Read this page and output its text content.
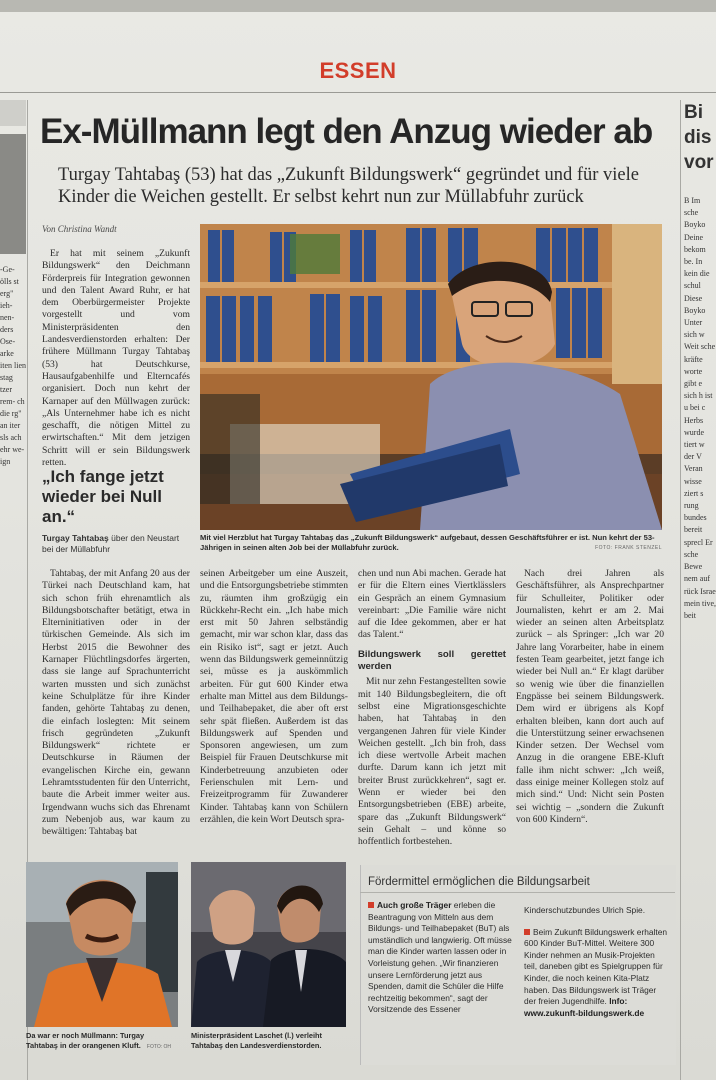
ESSEN
-Ge- ölls st erg" ieh- nen- ders Ose- arke iten lien stag tzer rem- ch die rg" an iter sls ach ehr we- ign
Bi dis vor
B Im sche Boyko Deine bekom be. In kein die schul Diese Boyko Unter sich w Weit sche kräfte worte gibt e sich h ist u bei c Herbs wurde tiert w der V Veran wisse ziert s rung bundes bereit sprecl Er sche Bewe nem auf rück Israe mein tive, beit
Ex-Müllmann legt den Anzug wieder ab
Turgay Tahtabaş (53) hat das „Zukunft Bildungswerk“ gegründet und für viele Kinder die Weichen gestellt. Er selbst kehrt nun zur Müllabfuhr zurück
Von Christina Wandt

Er hat mit seinem „Zukunft Bildungswerk“ den Deichmann Förderpreis für Integration gewonnen und den Talent Award Ruhr, er hat dem Oberbürgermeister Projekte vorgestellt und vom Ministerpräsidenten den Landesverdienstorden erhalten: Der frühere Müllmann Turgay Tahtabaş (53) hat Deutschkurse, Hausaufgabenhilfe und Elterncafés organisiert. Doch nun kehrt der Karnaper auf den Müllwagen zurück: „Als Unternehmer habe ich es nicht geschafft, die nötigen Mittel zu erwirtschaften.“ Mit dem jetzigen Schritt will er sein Bildungswerk retten.

„Ich fange jetzt wieder bei Null an.“
Turgay Tahtabaş über den Neustart bei der Müllabfuhr
Mit viel Herzblut hat Turgay Tahtabaş das „Zukunft Bildungswerk“ aufgebaut, dessen Geschäftsführer er ist. Nun kehrt der 53-Jährigen in seinen alten Job bei der Müllabfuhr zurück.	FOTO: FRANK STENZEL

Tahtabaş, der mit Anfang 20 aus der Türkei nach Deutschland kam, hat sich schon früh ehrenamtlich als Bildungsbotschafter betätigt, etwa in Elterninitiativen oder in der türkischen Gemeinde. Als sich im Herbst 2015 die Bewohner des Karnaper Flüchtlingsdorfes ärgerten, dass sie lange auf Sprachunterricht warten mussten und sich zunächst keine Schulplätze für ihre Kinder fanden, gehörte Tahtabaş zu denen, die einfach loslegten: Mit seinem frisch gegründeten „Zukunft Bildungswerk“ richtete er Deutschkurse in Räumen der evangelischen Kirche ein, gewann Lehramtsstudenten für den Unterricht, baute die Arbeit immer weiter aus. Irgendwann wuchs sich das Ehrenamt zum Nebenjob aus, war kaum zu bewältigen: Tahtabaş bat

seinen Arbeitgeber um eine Auszeit, und die Entsorgungsbetriebe stimmten zu, räumten ihm großzügig ein Rückkehr-Recht ein. „Ich habe mich erst mit 50 Jahren selbständig gemacht, mir war schon klar, dass das ein Risiko ist“, sagt er jetzt. Auch wenn das Bildungswerk gemeinnützig sei, müsse es ja auskömmlich arbeiten. Für gut 600 Kinder etwa erhalte man Mittel aus dem Bildungs- und Teilhabepaket, die aber oft erst sehr spät fließen. Außerdem ist das Bildungswerk auf Spenden und Sponsoren angewiesen, um zum Beispiel für Frauen Deutschkurse mit Kinderbetreuung anzubieten oder Ferienschulen mit Lern- und Freizeitprogramm für Zuwanderer Kinder. Tahtabaş kann von Schülern erzählen, die kein Wort Deutsch spra-

chen und nun Abi machen. Gerade hat er für die Eltern eines Viertklässlers ein Gespräch an einem Gymnasium vereinbart: „Die Familie wäre nicht auf die Idee gekommen, aber er hat das Talent.“

Bildungswerk soll gerettet werden

Mit nur zehn Festangestellten sowie mit 140 Bildungsbegleitern, die oft selbst eine Migrationsgeschichte haben, hat Tahtabaş in den vergangenen Jahren für viele Kinder Weichen gestellt. „Ich bin froh, dass ich diese wertvolle Arbeit machen durfte. Darum kann ich jetzt mit breiter Brust zurückkehren“, sagt er. Wenn er wieder bei den Entsorgungsbetrieben (EBE) arbeite, spare das „Zukunft Bildungswerk“ sein Gehalt – und könne so hoffentlich fortbestehen.

Nach drei Jahren als Geschäftsführer, als Ansprechpartner für Schulleiter, Politiker oder Journalisten, kehrt er am 2. Mai wieder an seinen alten Arbeitsplatz zurück – als Springer: „Ich war 20 Jahre lang Vorarbeiter, habe in einem festen Team gearbeitet, jetzt fange ich wieder bei Null an.“ Er klagt darüber so wenig wie über die finanziellen Engpässe bei seinem Bildungswerk. Dem wird er übrigens als Kopf erhalten bleiben, kann dort auch auf die Unterstützung seiner erwachsenen Kinder setzen. Der Wechsel vom Anzug in die orangene EBE-Kluft falle ihm nicht schwer: „Ich weiß, dass einige meiner Kollegen stolz auf mich sind.“ Und: Nicht sein Posten sei wichtig – „sondern die Zukunft von 600 Kindern“.

Da war er noch Müllmann: Turgay Tahtabaş in der orangenen Kluft. FOTO: OH
Ministerpräsident Laschet (l.) verleiht Tahtabaş den Landesverdienstorden.
Fördermittel ermöglichen die Bildungsarbeit
Auch große Träger erleben die Beantragung von Mitteln aus dem Bildungs- und Teilhabepaket (BuT) als umständlich und langwierig. Oft müsse man die Kinder warten lassen oder in Vorleistung gehen. „Wir finanzieren unsere Lernförderung jetzt aus Spenden, damit die Schüler die Hilfe rechtzeitig bekommen“, sagt der Vorsitzende des Essener
Kinderschutzbundes Ulrich Spie.
Beim Zukunft Bildungswerk erhalten 600 Kinder BuT-Mittel. Weitere 300 Kinder nehmen an Musik-Projekten teil, daneben gibt es Spielgruppen für Kinder, die noch keinen Kita-Platz haben. Das Bildungswerk ist Träger der freien Jugendhilfe. Info: www.zukunft-bildungswerk.de
